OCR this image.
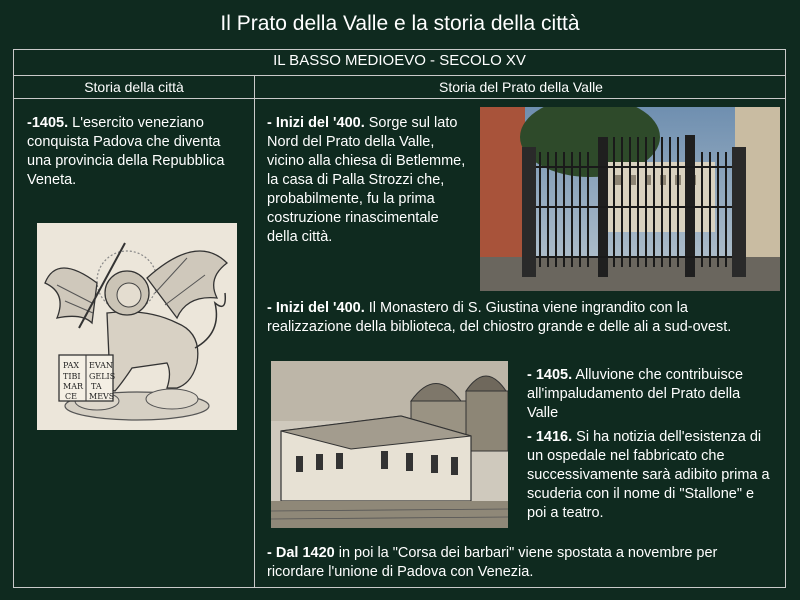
Il Prato della Valle e la storia della città
IL BASSO MEDIOEVO - SECOLO XV
Storia della città	Storia del Prato della Valle
-1405. L'esercito veneziano conquista Padova che diventa una provincia della Repubblica Veneta.
PAX EVAN
TIBI GELIS
MAR TA
CE MEVS
- Inizi del '400. Sorge sul lato Nord del Prato della Valle, vicino alla chiesa di Betlemme, la casa di Palla Strozzi che, probabilmente, fu la prima costruzione rinascimentale della città.
- Inizi del '400. Il Monastero di S. Giustina viene ingrandito con la realizzazione della biblioteca, del chiostro grande e delle ali a sud-ovest.
- 1405. Alluvione che contribuisce all'impaludamento del Prato della Valle
- 1416. Si ha notizia dell'esistenza di un ospedale nel fabbricato che successivamente sarà adibito prima a scuderia con il nome di "Stallone" e poi a teatro.
- Dal 1420 in poi la "Corsa dei barbari" viene spostata a novembre per ricordare l'unione di Padova con Venezia.
